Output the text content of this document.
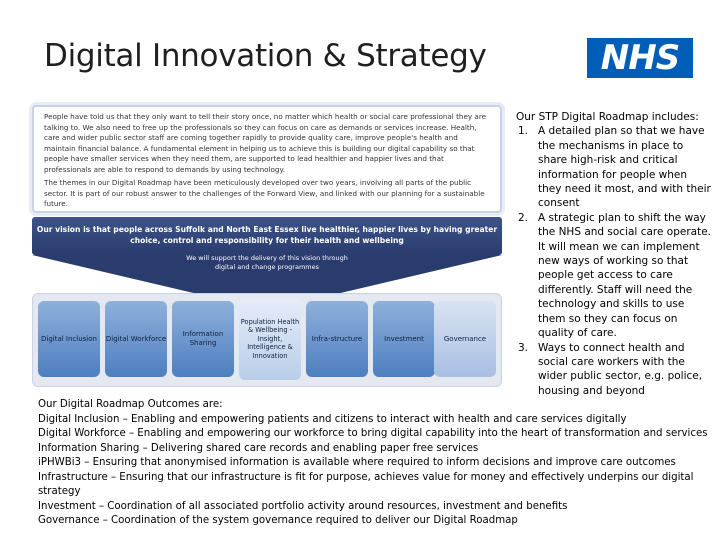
Digital Innovation & Strategy	NHS

People have told us that they only want to tell their story once, no matter which health or social care professional they are talking to. We also need to free up the professionals so they can focus on care as demands or services increase. Health, care and wider public sector staff are coming together rapidly to provide quality care, improve people's health and maintain financial balance. A fundamental element in helping us to achieve this is building our digital capability so that people have smaller services when they need them, are supported to lead healthier and happier lives and that professionals are able to respond to demands by using technology.

The themes in our Digital Roadmap have been meticulously developed over two years, involving all parts of the public sector. It is part of our robust answer to the challenges of the Forward View, and linked with our planning for a sustainable future.

Our vision is that people across Suffolk and North East Essex live healthier, happier lives by having greater choice, control and responsibility for their health and wellbeing
We will support the delivery of this vision through digital and change programmes
Digital Inclusion	Digital Workforce
Information Sharing
Population Health & Wellbeing - Insight, Intelligence & Innovation
Infra-structure	Investment	Governance
Our STP Digital Roadmap includes:
1. A detailed plan so that we have the mechanisms in place to share high-risk and critical information for people when they need it most, and with their consent
2. A strategic plan to shift the way the NHS and social care operate. It will mean we can implement new ways of working so that people get access to care differently. Staff will need the technology and skills to use them so they can focus on quality of care.
3. Ways to connect health and social care workers with the wider public sector, e.g. police, housing and beyond
Our Digital Roadmap Outcomes are:
Digital Inclusion – Enabling and empowering patients and citizens to interact with health and care services digitally
Digital Workforce – Enabling and empowering our workforce to bring digital capability into the heart of transformation and services
Information Sharing – Delivering shared care records and enabling paper free services
iPHWBi3 – Ensuring that anonymised information is available where required to inform decisions and improve care outcomes
Infrastructure – Ensuring that our infrastructure is fit for purpose, achieves value for money and effectively underpins our digital strategy
Investment – Coordination of all associated portfolio activity around resources, investment and benefits
Governance – Coordination of the system governance required to deliver our Digital Roadmap
